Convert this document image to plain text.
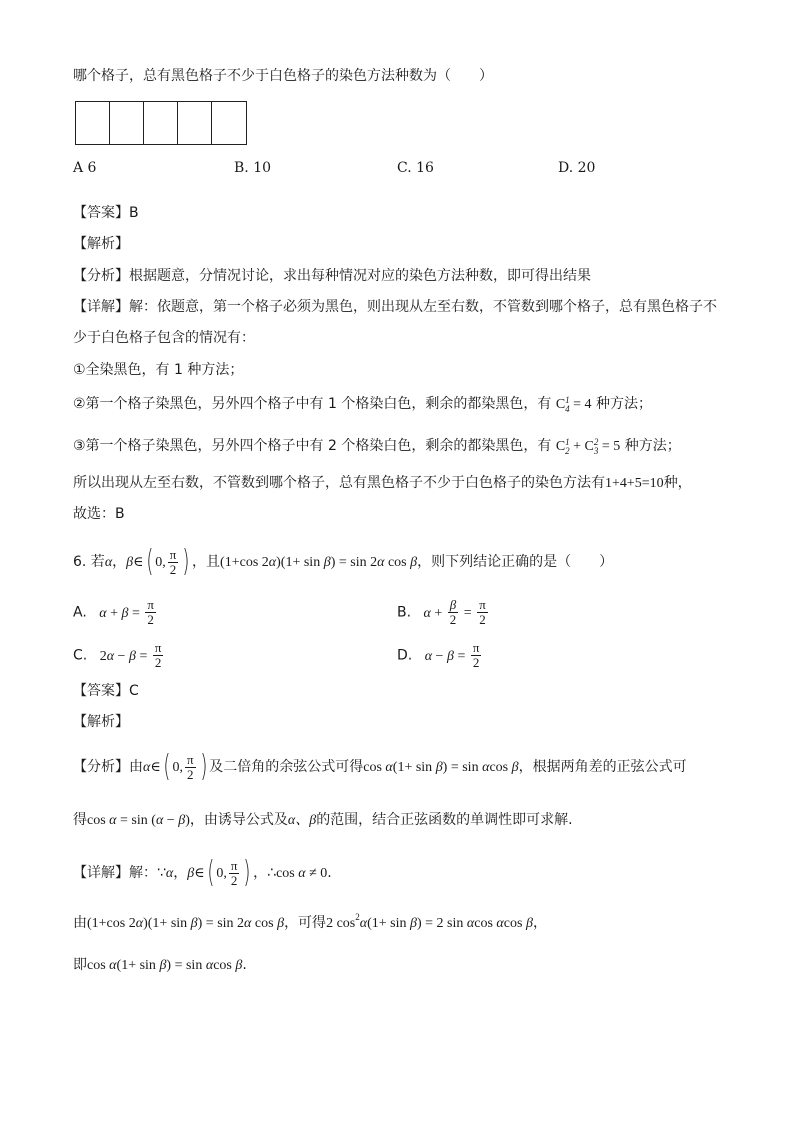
哪个格子，总有黑色格子不少于白色格子的染色方法种数为（　　）
A 6	B. 10	C. 16	D. 20
【答案】B
【解析】
【分析】根据题意，分情况讨论，求出每种情况对应的染色方法种数，即可得出结果
【详解】解：依题意，第一个格子必须为黑色，则出现从左至右数，不管数到哪个格子，总有黑色格子不
少于白色格子包含的情况有：
①全染黑色，有 1 种方法；
②第一个格子染黑色，另外四个格子中有 1 个格染白色，剩余的都染黑色，有 C 1
4 = 4 种方法；
③第一个格子染黑色，另外四个格子中有 2 个格染白色，剩余的都染黑色，有 C 1
2 + C 2
3 = 5 种方法；
所以出现从左至右数，不管数到哪个格子，总有黑色格子不少于白色格子的染色方法有1+4+5=10种，
故选：B
6. 若α，β∈( 0, $\frac{\pi}{2}$ ) ，且(1+cos 2α)(1+ sin β) = sin 2α cos β，则下列结论正确的是（　　）
A. $\alpha + \beta = \frac{\pi}{2}$	B. $\alpha + \frac{\beta}{2} = \frac{\pi}{2}$
C. $2\alpha - \beta = \frac{\pi}{2}$	D. $\alpha - \beta = \frac{\pi}{2}$
【答案】C
【解析】
【分析】由α∈( 0, $\frac{\pi}{2}$ ) 及二倍角的余弦公式可得cos α(1+ sin β) = sin αcos β，根据两角差的正弦公式可
得cos α = sin (α − β)，由诱导公式及α、β的范围，结合正弦函数的单调性即可求解.
【详解】解：∵α，β∈( 0, $\frac{\pi}{2}$ ) ，∴cos α ≠ 0.
由(1+cos 2α)(1+ sin β) = sin 2α cos β，可得2 $\cos^2\alpha(1+ \sin \beta) = 2$ sin αcos αcos β，
即cos α(1+ sin β) = sin αcos β.
